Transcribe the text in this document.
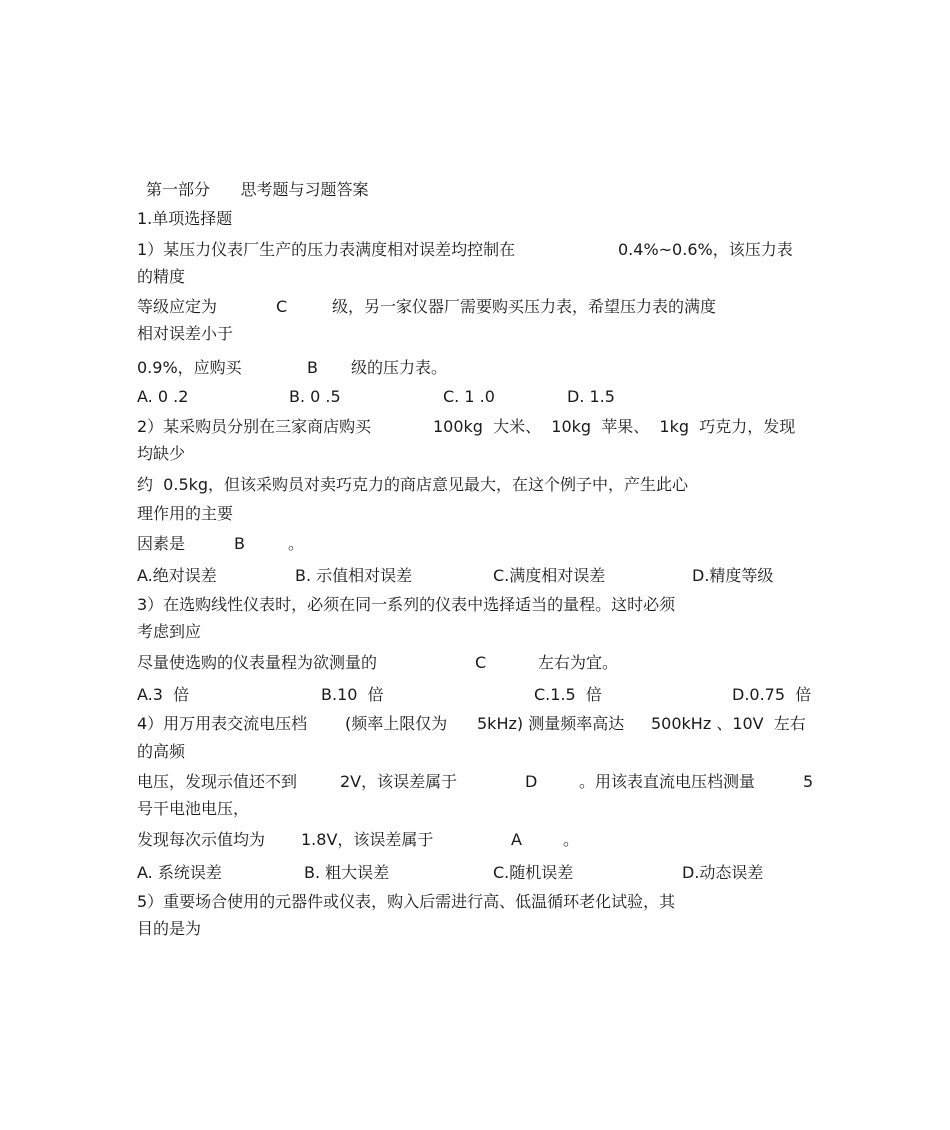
第一部分      思考题与习题答案
1.单项选择题
1）某压力仪表厂生产的压力表满度相对误差均控制在	0.4%~0.6%，该压力表
的精度
等级应定为	C	级，另一家仪器厂需要购买压力表，希望压力表的满度
相对误差小于
0.9%，应购买	B 级的压力表。
A. 0 .2	B. 0 .5	C. 1 .0	D. 1.5
2）某采购员分别在三家商店购买	100kg  大米、  10kg  苹果、  1kg  巧克力，发现
均缺少
约  0.5kg，但该采购员对卖巧克力的商店意见最大，在这个例子中，产生此心
理作用的主要
因素是	B	。
A.绝对误差	B. 示值相对误差	C.满度相对误差	D.精度等级
3）在选购线性仪表时，必须在同一系列的仪表中选择适当的量程。这时必须
考虑到应
尽量使选购的仪表量程为欲测量的	C	左右为宜。
A.3  倍	B.10  倍	C.1.5  倍	D.0.75  倍
4）用万用表交流电压档 (频率上限仅为 5kHz) 测量频率高达 500kHz 、10V  左右
的高频
电压，发现示值还不到	2V，该误差属于	D	。用该表直流电压档测量	5
号干电池电压，
发现每次示值均为 1.8V，该误差属于	A	。
A. 系统误差	B. 粗大误差	C.随机误差	D.动态误差
5）重要场合使用的元器件或仪表，购入后需进行高、低温循环老化试验，其
目的是为
